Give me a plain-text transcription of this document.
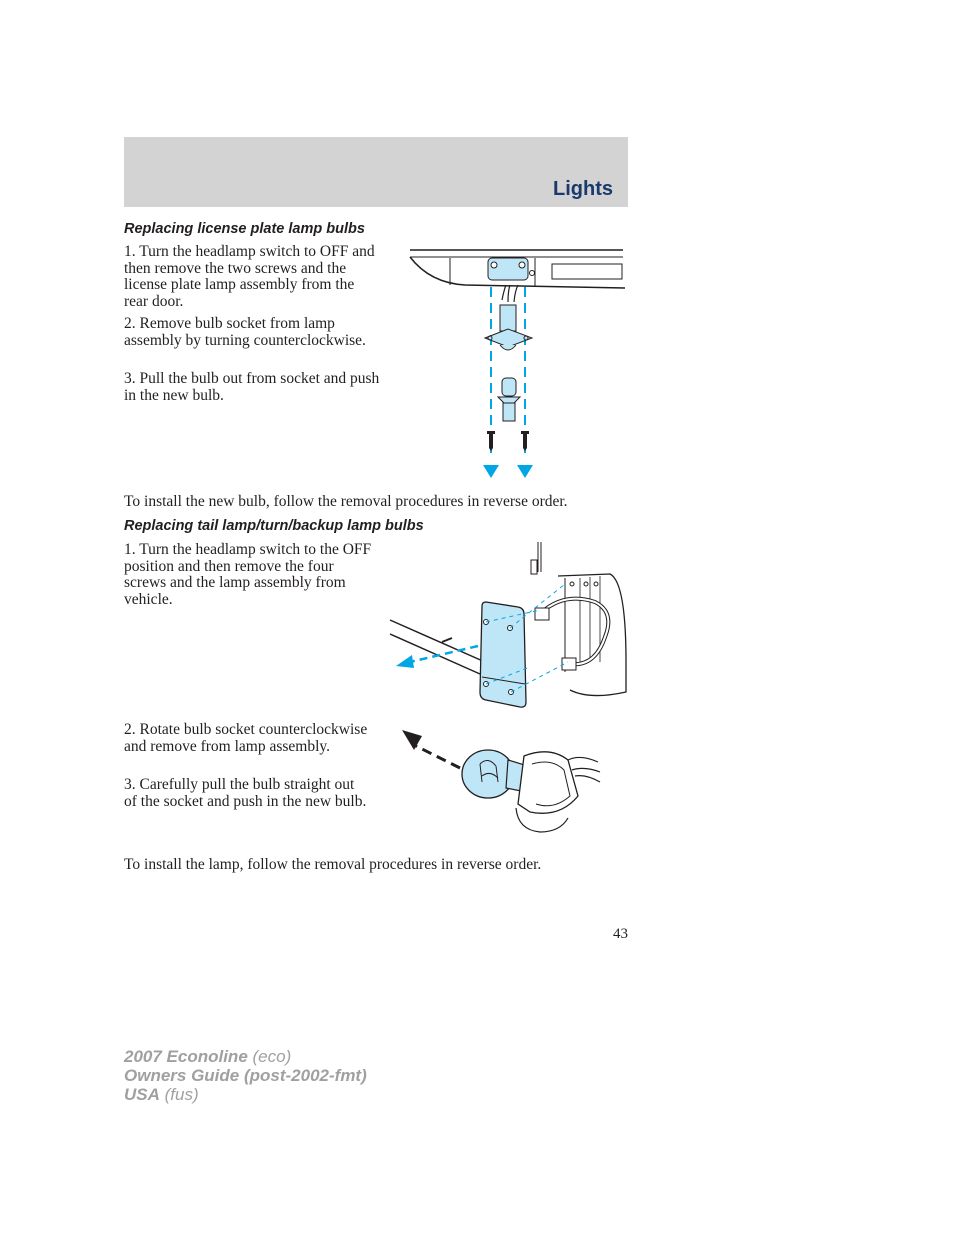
Lights
Replacing license plate lamp bulbs

1. Turn the headlamp switch to OFF and then remove the two screws and the license plate lamp assembly from the rear door.

2. Remove bulb socket from lamp assembly by turning counterclockwise.

3. Pull the bulb out from socket and push in the new bulb.

To install the new bulb, follow the removal procedures in reverse order.

Replacing tail lamp/turn/backup lamp bulbs

1. Turn the headlamp switch to the OFF position and then remove the four screws and the lamp assembly from vehicle.

2. Rotate bulb socket counterclockwise and remove from lamp assembly.

3. Carefully pull the bulb straight out of the socket and push in the new bulb.

To install the lamp, follow the removal procedures in reverse order.

43
2007 Econoline (eco)
Owners Guide (post-2002-fmt)
USA (fus)
